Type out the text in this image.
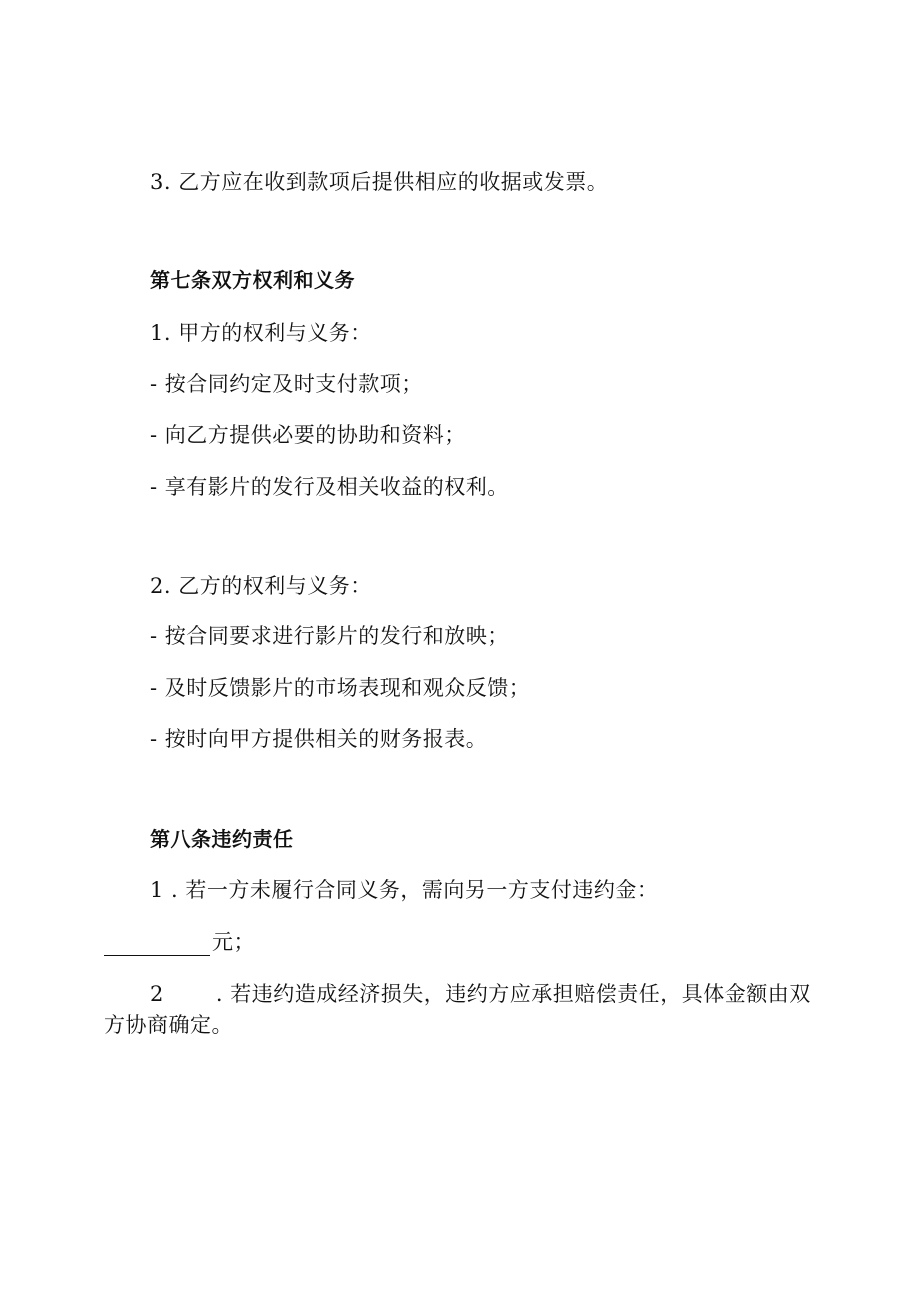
3. 乙方应在收到款项后提供相应的收据或发票。

第七条双方权利和义务

1. 甲方的权利与义务：

- 按合同约定及时支付款项；

- 向乙方提供必要的协助和资料；

- 享有影片的发行及相关收益的权利。

2. 乙方的权利与义务：

- 按合同要求进行影片的发行和放映；

- 及时反馈影片的市场表现和观众反馈；

- 按时向甲方提供相关的财务报表。

第八条违约责任

1 . 若一方未履行合同义务，需向另一方支付违约金：

元；

2 . 若违约造成经济损失，违约方应承担赔偿责任，具体金额由双

方协商确定。
